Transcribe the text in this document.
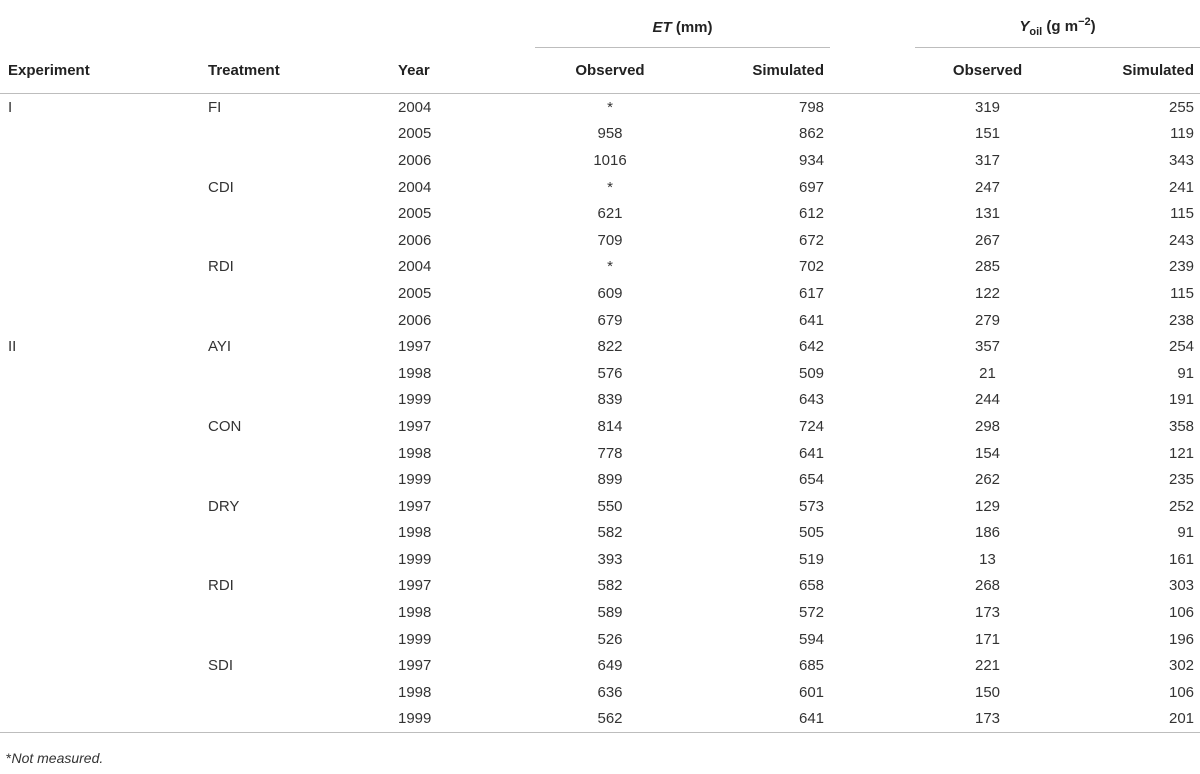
			ET (mm)			$Y_{oil}$ (g $m^{-2}$)	

Experiment	Treatment	Year	Observed	Simulated		Observed	Simulated
I	FI	2004	*	798		319	255
		2005	958	862		151	119
		2006	1016	934		317	343
	CDI	2004	*	697		247	241
		2005	621	612		131	115
		2006	709	672		267	243
	RDI	2004	*	702		285	239
		2005	609	617		122	115
		2006	679	641		279	238
II	AYI	1997	822	642		357	254
		1998	576	509		21	91
		1999	839	643		244	191
	CON	1997	814	724		298	358
		1998	778	641		154	121
		1999	899	654		262	235
	DRY	1997	550	573		129	252
		1998	582	505		186	91
		1999	393	519		13	161
	RDI	1997	582	658		268	303
		1998	589	572		173	106
		1999	526	594		171	196
	SDI	1997	649	685		221	302
		1998	636	601		150	106
		1999	562	641		173	201
*Not measured.
